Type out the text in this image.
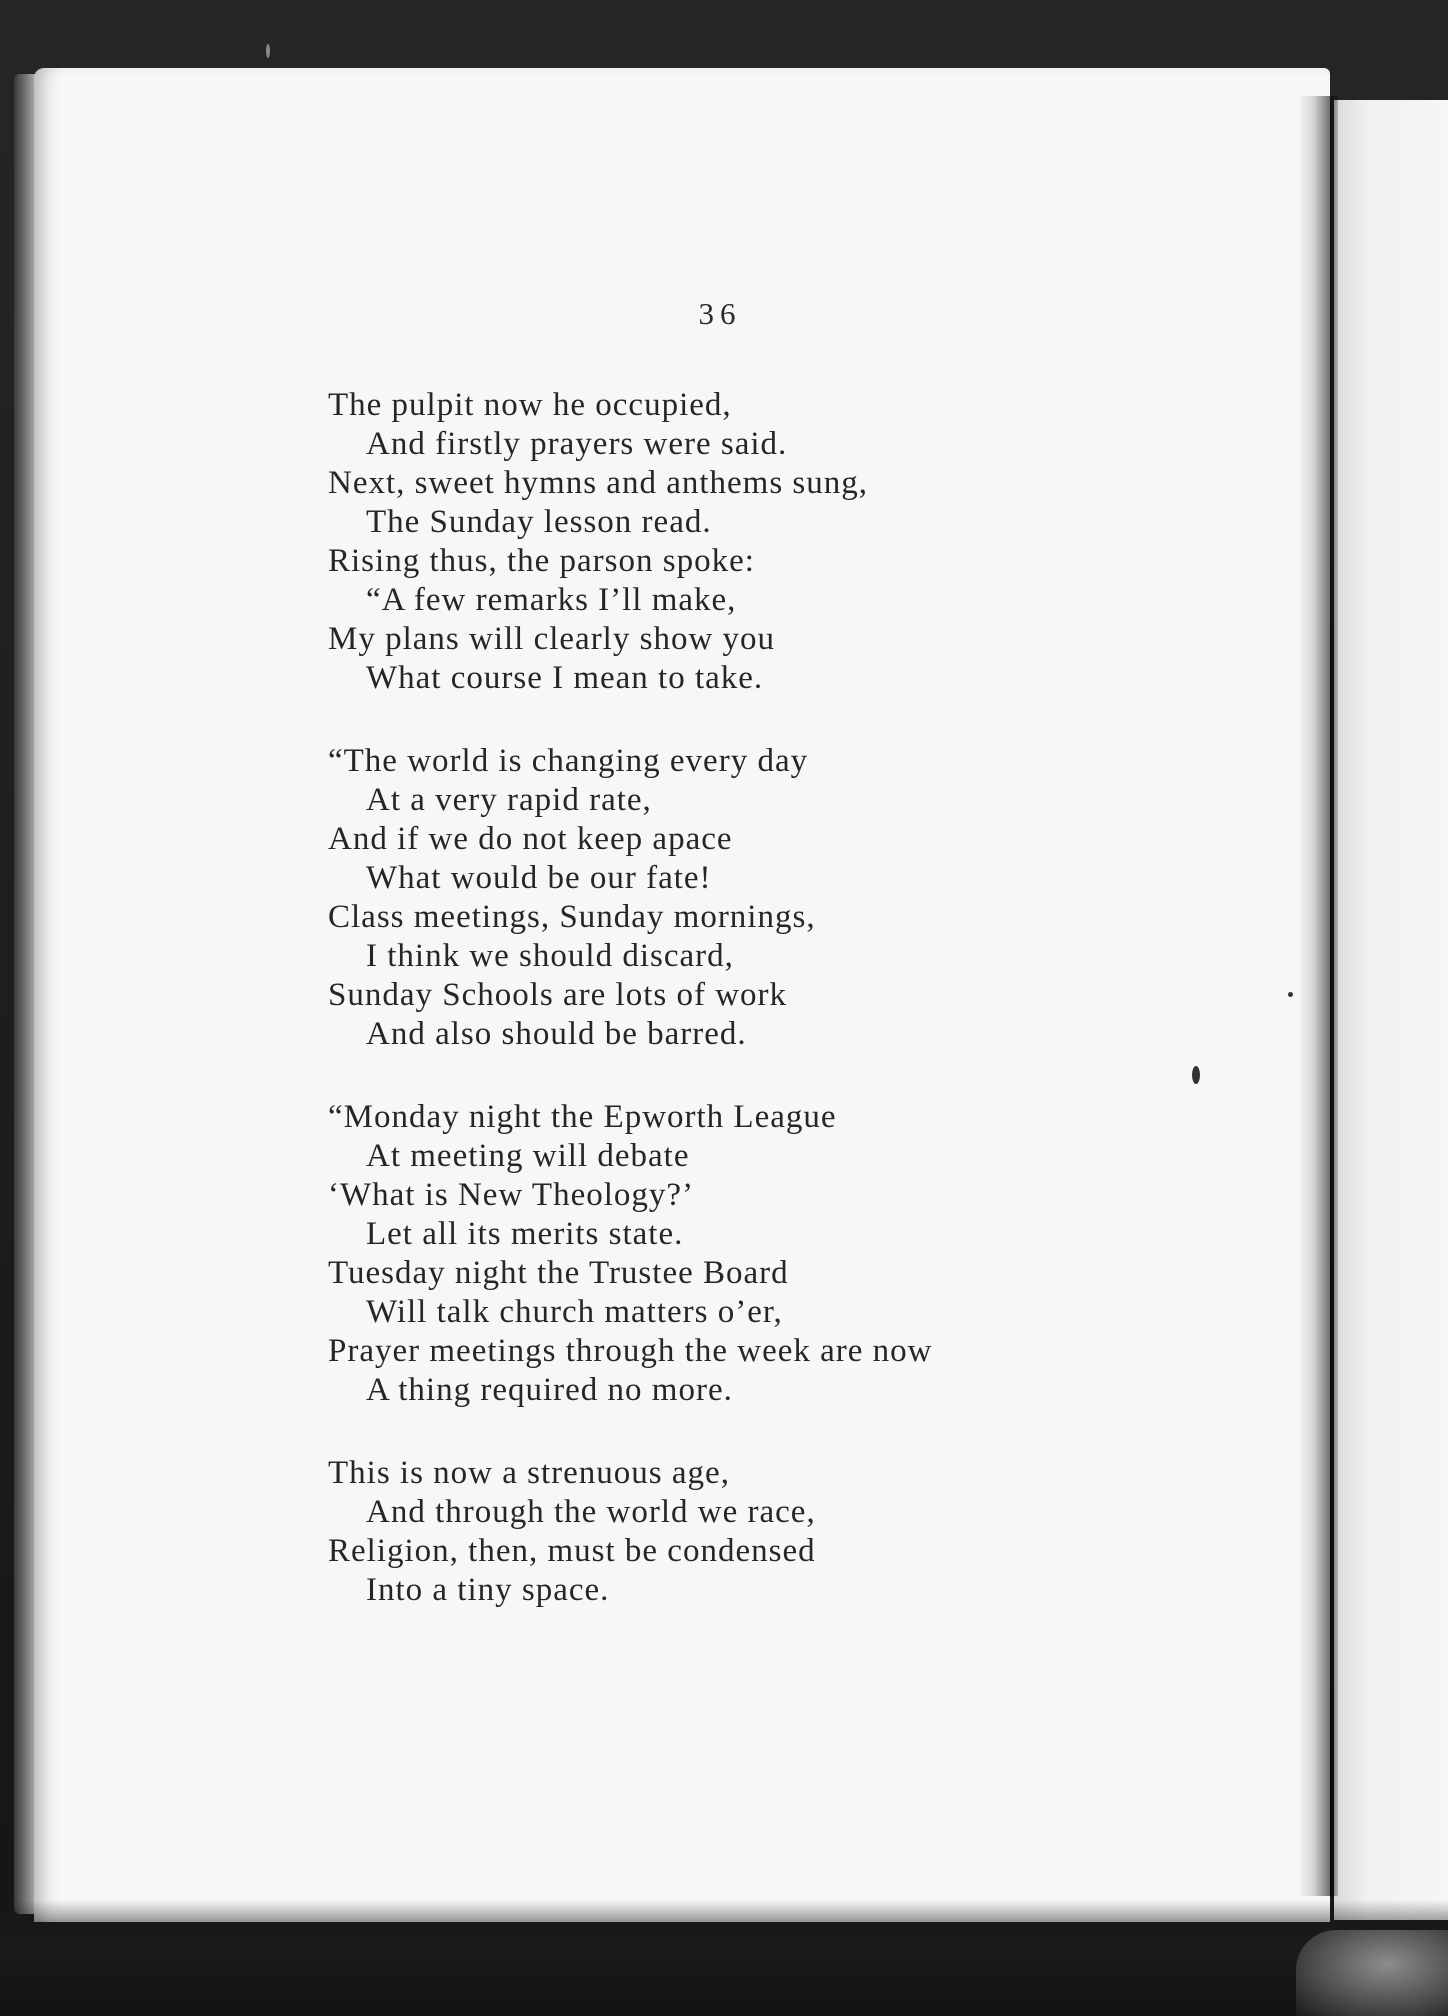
36
The pulpit now he occupied,
And firstly prayers were said.
Next, sweet hymns and anthems sung,
The Sunday lesson read.
Rising thus, the parson spoke:
“A few remarks I’ll make,
My plans will clearly show you
What course I mean to take.
“The world is changing every day
At a very rapid rate,
And if we do not keep apace
What would be our fate!
Class meetings, Sunday mornings,
I think we should discard,
Sunday Schools are lots of work
And also should be barred.
“Monday night the Epworth League
At meeting will debate
‘What is New Theology?’
Let all its merits state.
Tuesday night the Trustee Board
Will talk church matters o’er,
Prayer meetings through the week are now
A thing required no more.
This is now a strenuous age,
And through the world we race,
Religion, then, must be condensed
Into a tiny space.
